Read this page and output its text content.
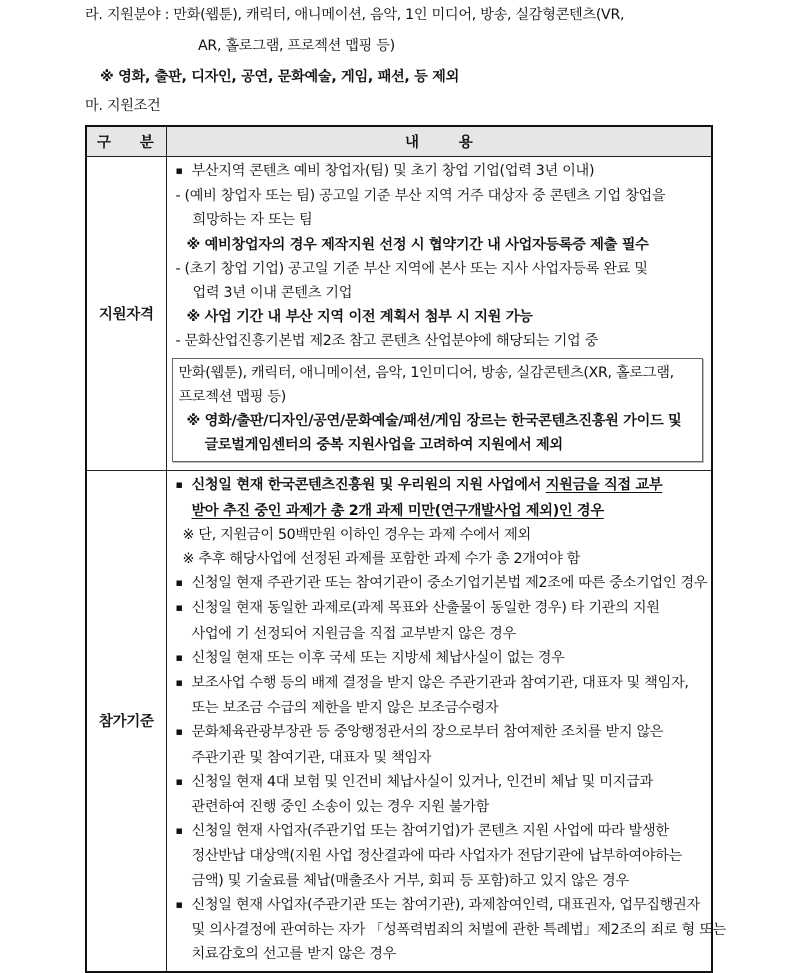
라. 지원분야 : 만화(웹툰), 캐릭터, 애니메이션, 음악, 1인 미디어, 방송, 실감형콘텐츠(VR,
AR, 홀로그램, 프로젝션 맵핑 등)
※ 영화, 출판, 디자인, 공연, 문화예술, 게임, 패션, 등 제외
마. 지원조건
구 분	내 용

지원자격	
▪ 부산지역 콘텐츠 예비 창업자(팀) 및 초기 창업 기업(업력 3년 이내)
- (예비 창업자 또는 팀) 공고일 기준 부산 지역 거주 대상자 중 콘텐츠 기업 창업을
희망하는 자 또는 팀
※ 예비창업자의 경우 제작지원 선정 시 협약기간 내 사업자등록증 제출 필수
- (초기 창업 기업) 공고일 기준 부산 지역에 본사 또는 지사 사업자등록 완료 및
업력 3년 이내 콘텐츠 기업
※ 사업 기간 내 부산 지역 이전 계획서 첨부 시 지원 가능
- 문화산업진흥기본법 제2조 참고 콘텐츠 산업분야에 해당되는 기업 중
만화(웹툰), 캐릭터, 애니메이션, 음악, 1인미디어, 방송, 실감콘텐츠(XR, 홀로그램,
프로젝션 맵핑 등)
※ 영화/출판/디자인/공연/문화예술/패션/게임 장르는 한국콘텐츠진흥원 가이드 및
글로벌게임센터의 중복 지원사업을 고려하여 지원에서 제외

참가기준	
▪ 신청일 현재 한국콘텐츠진흥원 및 우리원의 지원 사업에서 지원금을 직접 교부
받아 추진 중인 과제가 총 2개 과제 미만(연구개발사업 제외)인 경우
※ 단, 지원금이 50백만원 이하인 경우는 과제 수에서 제외
※ 추후 해당사업에 선정된 과제를 포함한 과제 수가 총 2개여야 함
▪ 신청일 현재 주관기관 또는 참여기관이 중소기업기본법 제2조에 따른 중소기업인 경우
▪ 신청일 현재 동일한 과제로(과제 목표와 산출물이 동일한 경우) 타 기관의 지원
사업에 기 선정되어 지원금을 직접 교부받지 않은 경우
▪ 신청일 현재 또는 이후 국세 또는 지방세 체납사실이 없는 경우
▪ 보조사업 수행 등의 배제 결정을 받지 않은 주관기관과 참여기관, 대표자 및 책임자,
또는 보조금 수급의 제한을 받지 않은 보조금수령자
▪ 문화체육관광부장관 등 중앙행정관서의 장으로부터 참여제한 조치를 받지 않은
주관기관 및 참여기관, 대표자 및 책임자
▪ 신청일 현재 4대 보험 및 인건비 체납사실이 있거나, 인건비 체납 및 미지급과
관련하여 진행 중인 소송이 있는 경우 지원 불가함
▪ 신청일 현재 사업자(주관기업 또는 참여기업)가 콘텐츠 지원 사업에 따라 발생한
정산반납 대상액(지원 사업 정산결과에 따라 사업자가 전담기관에 납부하여야하는
금액) 및 기술료를 체납(매출조사 거부, 회피 등 포함)하고 있지 않은 경우
▪ 신청일 현재 사업자(주관기관 또는 참여기관), 과제참여인력, 대표권자, 업무집행권자
및 의사결정에 관여하는 자가 「성폭력범죄의 처벌에 관한 특례법」제2조의 죄로 형 또는
치료감호의 선고를 받지 않은 경우
